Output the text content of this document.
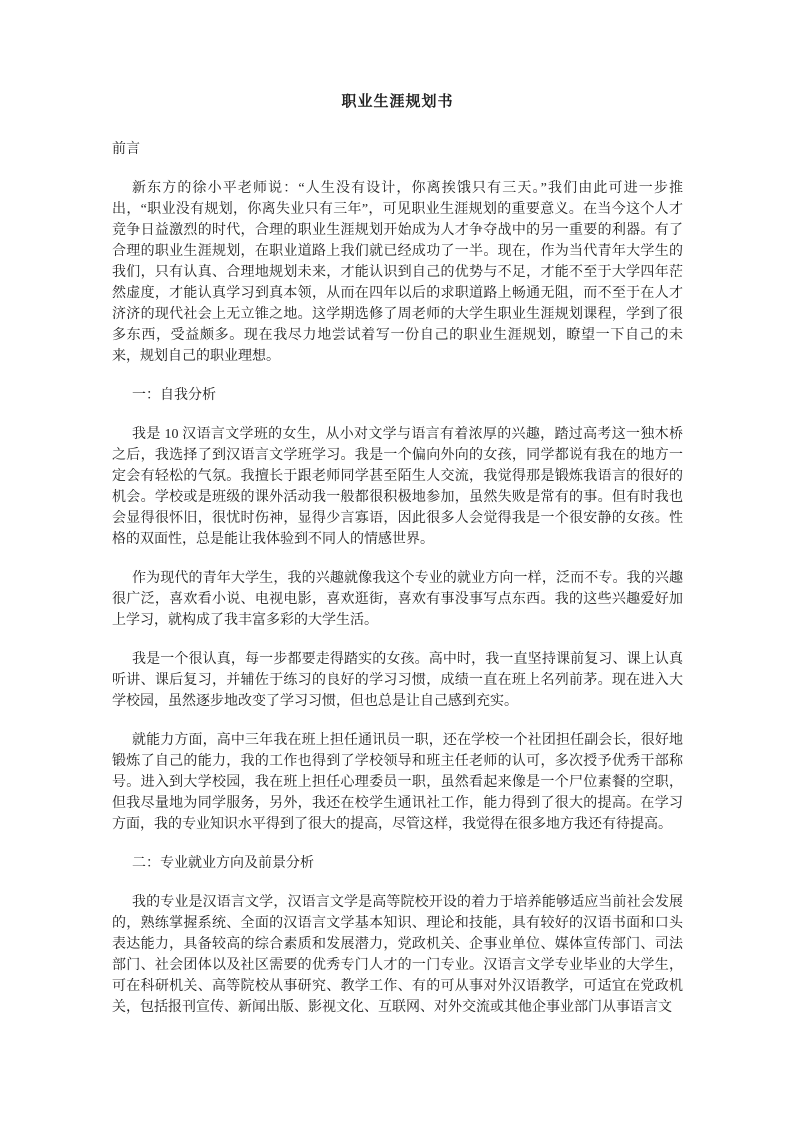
职业生涯规划书

前言

新东方的徐小平老师说：“人生没有设计，你离挨饿只有三天。”我们由此可进一步推出，“职业没有规划，你离失业只有三年”，可见职业生涯规划的重要意义。在当今这个人才竞争日益激烈的时代，合理的职业生涯规划开始成为人才争夺战中的另一重要的利器。有了合理的职业生涯规划，在职业道路上我们就已经成功了一半。现在，作为当代青年大学生的我们，只有认真、合理地规划未来，才能认识到自己的优势与不足，才能不至于大学四年茫然虚度，才能认真学习到真本领，从而在四年以后的求职道路上畅通无阻，而不至于在人才济济的现代社会上无立锥之地。这学期选修了周老师的大学生职业生涯规划课程，学到了很多东西，受益颇多。现在我尽力地尝试着写一份自己的职业生涯规划，瞭望一下自己的未来，规划自己的职业理想。

一：自我分析

我是 10 汉语言文学班的女生，从小对文学与语言有着浓厚的兴趣，踏过高考这一独木桥之后，我选择了到汉语言文学班学习。我是一个偏向外向的女孩，同学都说有我在的地方一定会有轻松的气氛。我擅长于跟老师同学甚至陌生人交流，我觉得那是锻炼我语言的很好的机会。学校或是班级的课外活动我一般都很积极地参加，虽然失败是常有的事。但有时我也会显得很怀旧，很忧时伤神，显得少言寡语，因此很多人会觉得我是一个很安静的女孩。性格的双面性，总是能让我体验到不同人的情感世界。

作为现代的青年大学生，我的兴趣就像我这个专业的就业方向一样，泛而不专。我的兴趣很广泛，喜欢看小说、电视电影，喜欢逛街，喜欢有事没事写点东西。我的这些兴趣爱好加上学习，就构成了我丰富多彩的大学生活。

我是一个很认真，每一步都要走得踏实的女孩。高中时，我一直坚持课前复习、课上认真听讲、课后复习，并辅佐于练习的良好的学习习惯，成绩一直在班上名列前茅。现在进入大学校园，虽然逐步地改变了学习习惯，但也总是让自己感到充实。

就能力方面，高中三年我在班上担任通讯员一职，还在学校一个社团担任副会长，很好地锻炼了自己的能力，我的工作也得到了学校领导和班主任老师的认可，多次授予优秀干部称号。进入到大学校园，我在班上担任心理委员一职，虽然看起来像是一个尸位素餐的空职，但我尽量地为同学服务，另外，我还在校学生通讯社工作，能力得到了很大的提高。在学习方面，我的专业知识水平得到了很大的提高，尽管这样，我觉得在很多地方我还有待提高。

二：专业就业方向及前景分析

我的专业是汉语言文学，汉语言文学是高等院校开设的着力于培养能够适应当前社会发展的，熟练掌握系统、全面的汉语言文学基本知识、理论和技能，具有较好的汉语书面和口头表达能力，具备较高的综合素质和发展潜力，党政机关、企事业单位、媒体宣传部门、司法部门、社会团体以及社区需要的优秀专门人才的一门专业。汉语言文学专业毕业的大学生，可在科研机关、高等院校从事研究、教学工作、有的可从事对外汉语教学，可适宜在党政机关，包括报刊宣传、新闻出版、影视文化、互联网、对外交流或其他企事业部门从事语言文
